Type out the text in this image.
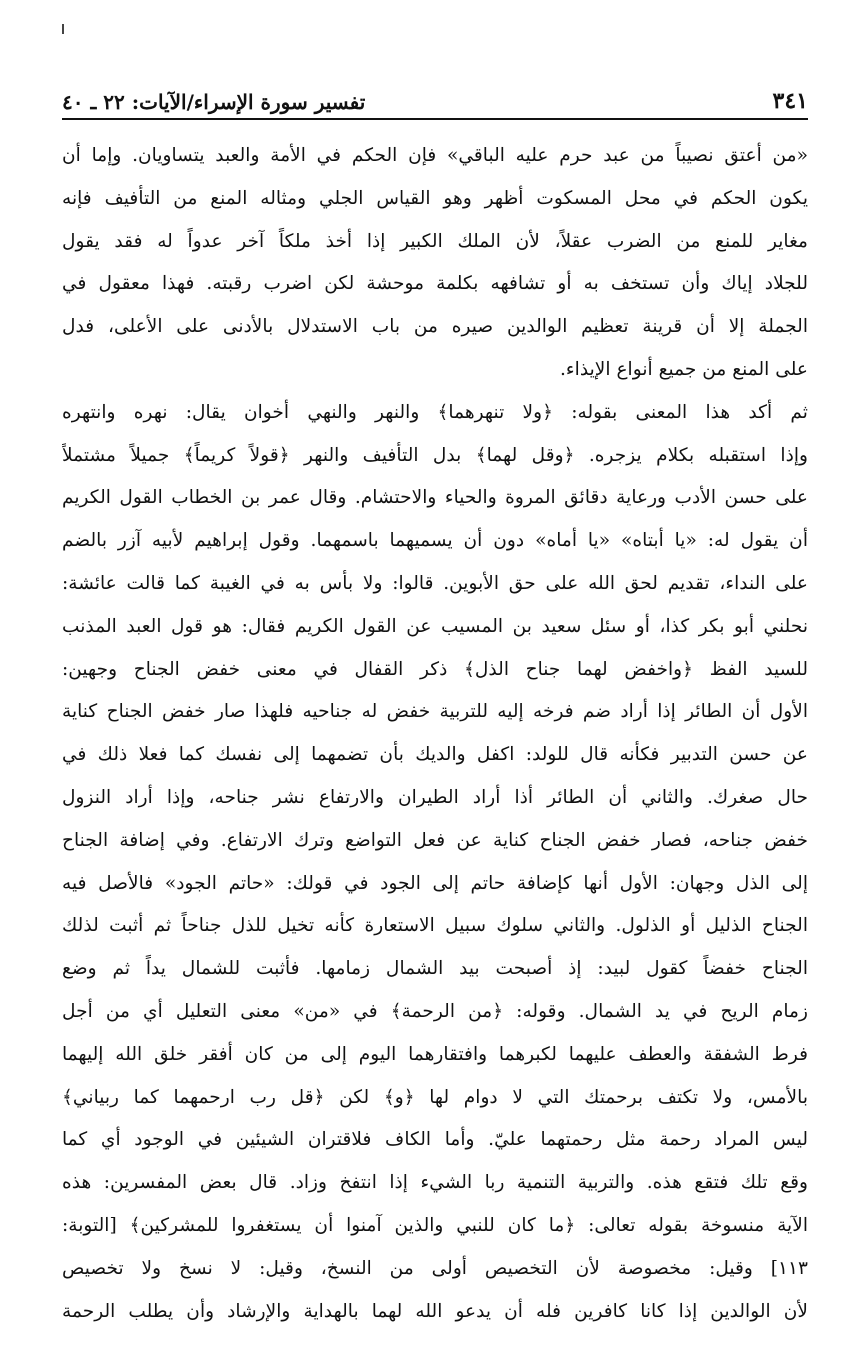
تفسير سورة الإسراء/الآيات: ٢٢ ـ ٤٠	٣٤١
«من أعتق نصيباً من عبد حرم عليه الباقي» فإن الحكم في الأمة والعبد يتساويان. وإما أن
يكون الحكم في محل المسكوت أظهر وهو القياس الجلي ومثاله المنع من التأفيف فإنه
مغاير للمنع من الضرب عقلاً، لأن الملك الكبير إذا أخذ ملكاً آخر عدواً له فقد يقول
للجلاد إياك وأن تستخف به أو تشافهه بكلمة موحشة لكن اضرب رقبته. فهذا معقول في
الجملة إلا أن قرينة تعظيم الوالدين صيره من باب الاستدلال بالأدنى على الأعلى، فدل
على المنع من جميع أنواع الإيذاء.
ثم أكد هذا المعنى بقوله: ﴿ولا تنهرهما﴾ والنهر والنهي أخوان يقال: نهره وانتهره
وإذا استقبله بكلام يزجره. ﴿وقل لهما﴾ بدل التأفيف والنهر ﴿قولاً كريماً﴾ جميلاً مشتملاً
على حسن الأدب ورعاية دقائق المروة والحياء والاحتشام. وقال عمر بن الخطاب القول الكريم
أن يقول له: «يا أبتاه» «يا أماه» دون أن يسميهما باسمهما. وقول إبراهيم لأبيه آزر بالضم
على النداء، تقديم لحق الله على حق الأبوين. قالوا: ولا بأس به في الغيبة كما قالت عائشة:
نحلني أبو بكر كذا، أو سئل سعيد بن المسيب عن القول الكريم فقال: هو قول العبد المذنب
للسيد الفظ ﴿واخفض لهما جناح الذل﴾ ذكر القفال في معنى خفض الجناح وجهين:
الأول أن الطائر إذا أراد ضم فرخه إليه للتربية خفض له جناحيه فلهذا صار خفض الجناح كناية
عن حسن التدبير فكأنه قال للولد: اكفل والديك بأن تضمهما إلى نفسك كما فعلا ذلك في
حال صغرك. والثاني أن الطائر أذا أراد الطيران والارتفاع نشر جناحه، وإذا أراد النزول
خفض جناحه، فصار خفض الجناح كناية عن فعل التواضع وترك الارتفاع. وفي إضافة الجناح
إلى الذل وجهان: الأول أنها كإضافة حاتم إلى الجود في قولك: «حاتم الجود» فالأصل فيه
الجناح الذليل أو الذلول. والثاني سلوك سبيل الاستعارة كأنه تخيل للذل جناحاً ثم أثبت لذلك
الجناح خفضاً كقول لبيد: إذ أصبحت بيد الشمال زمامها. فأثبت للشمال يداً ثم وضع
زمام الريح في يد الشمال. وقوله: ﴿من الرحمة﴾ في «من» معنى التعليل أي من أجل
فرط الشفقة والعطف عليهما لكبرهما وافتقارهما اليوم إلى من كان أفقر خلق الله إليهما
بالأمس، ولا تكتف برحمتك التي لا دوام لها ﴿و﴾ لكن ﴿قل رب ارحمهما كما ربياني﴾
ليس المراد رحمة مثل رحمتهما عليّ. وأما الكاف فلاقتران الشيئين في الوجود أي كما
وقع تلك فتقع هذه. والتربية التنمية ربا الشيء إذا انتفخ وزاد. قال بعض المفسرين: هذه
الآية منسوخة بقوله تعالى: ﴿ما كان للنبي والذين آمنوا أن يستغفروا للمشركين﴾ [التوبة:
١١٣] وقيل: مخصوصة لأن التخصيص أولى من النسخ، وقيل: لا نسخ ولا تخصيص
لأن الوالدين إذا كانا كافرين فله أن يدعو الله لهما بالهداية والإرشاد وأن يطلب الرحمة
